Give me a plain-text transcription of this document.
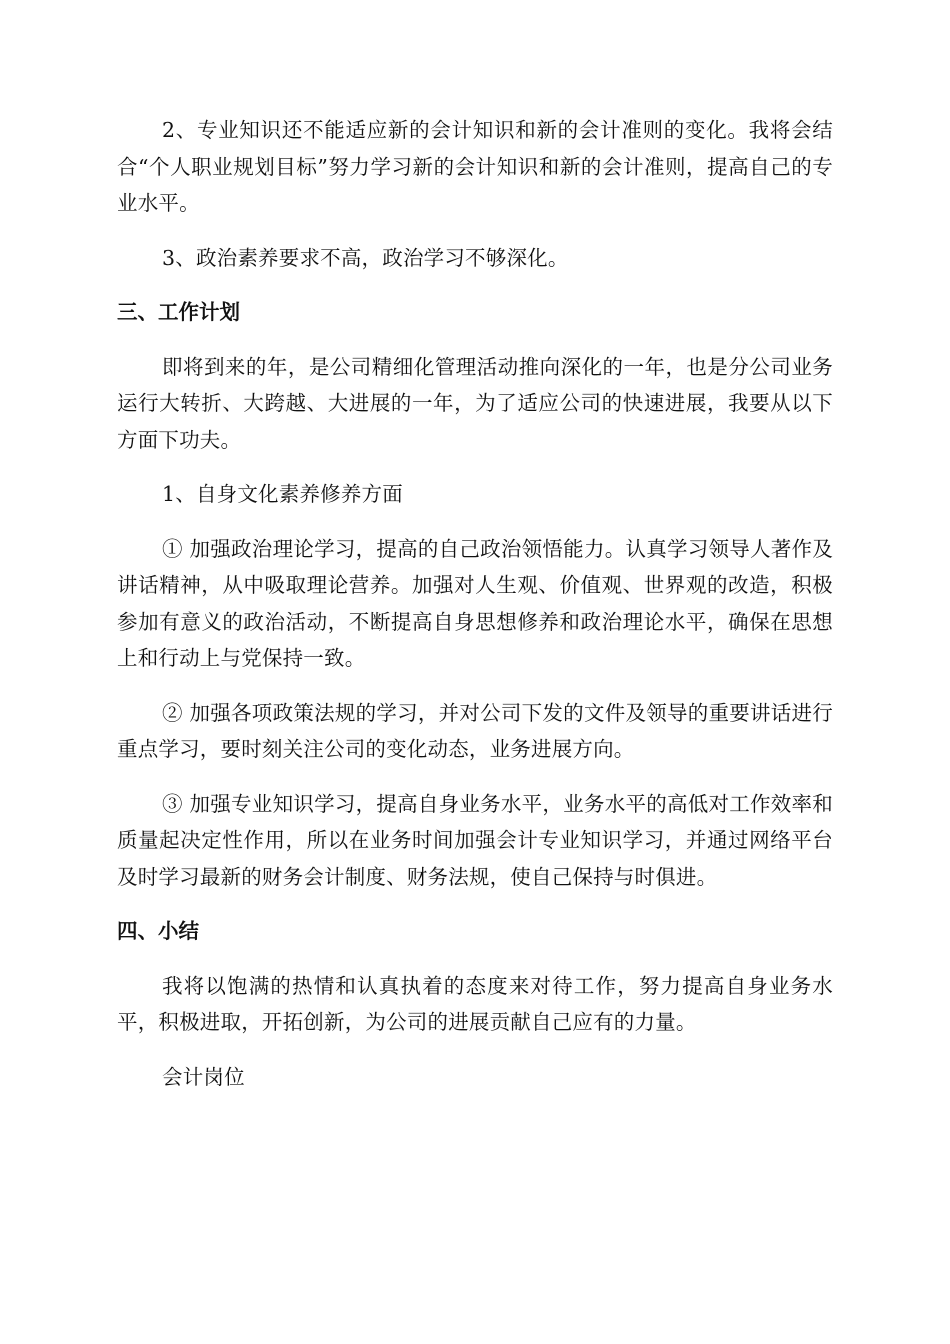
2、专业知识还不能适应新的会计知识和新的会计准则的变化。我将会结合“个人职业规划目标”努力学习新的会计知识和新的会计准则，提高自己的专业水平。

3、政治素养要求不高，政治学习不够深化。

三、工作计划

即将到来的年，是公司精细化管理活动推向深化的一年，也是分公司业务运行大转折、大跨越、大进展的一年，为了适应公司的快速进展，我要从以下方面下功夫。

1、自身文化素养修养方面

① 加强政治理论学习，提高的自己政治领悟能力。认真学习领导人著作及讲话精神，从中吸取理论营养。加强对人生观、价值观、世界观的改造，积极参加有意义的政治活动，不断提高自身思想修养和政治理论水平，确保在思想上和行动上与党保持一致。

② 加强各项政策法规的学习，并对公司下发的文件及领导的重要讲话进行重点学习，要时刻关注公司的变化动态，业务进展方向。

③ 加强专业知识学习，提高自身业务水平，业务水平的高低对工作效率和质量起决定性作用，所以在业务时间加强会计专业知识学习，并通过网络平台及时学习最新的财务会计制度、财务法规，使自己保持与时俱进。

四、小结

我将以饱满的热情和认真执着的态度来对待工作，努力提高自身业务水平，积极进取，开拓创新，为公司的进展贡献自己应有的力量。

会计岗位
